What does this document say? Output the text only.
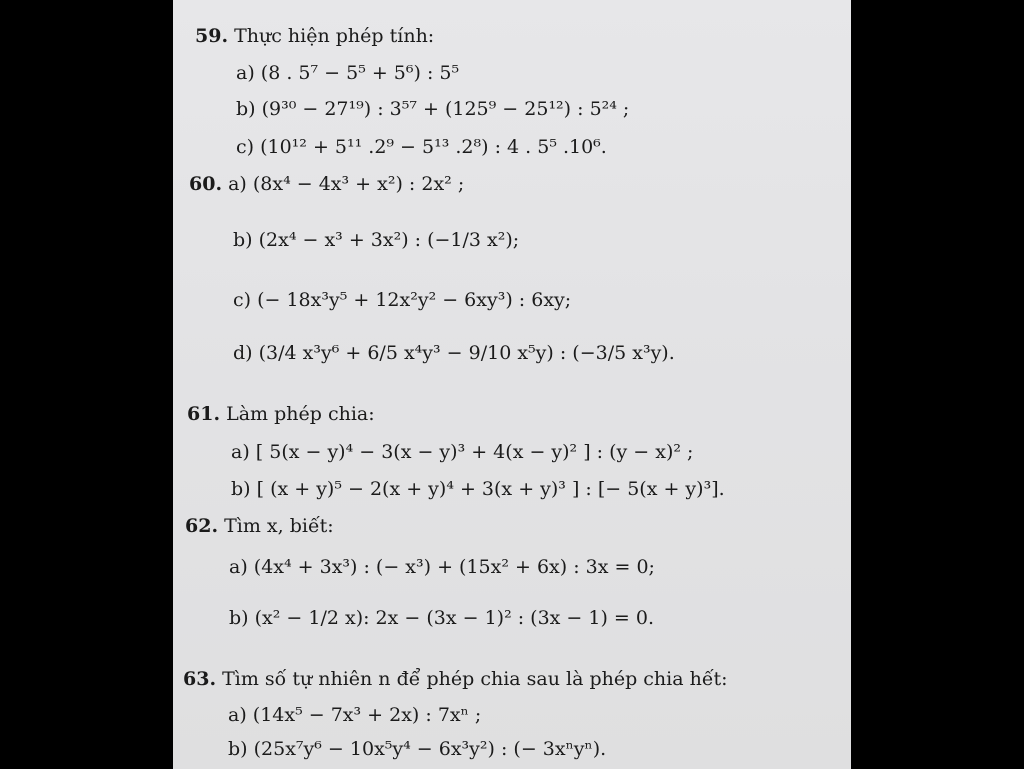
59. Thực hiện phép tính:
a) (8 . 5⁷ − 5⁵ + 5⁶) : 5⁵
b) (9³⁰ − 27¹⁹) : 3⁵⁷ + (125⁹ − 25¹²) : 5²⁴ ;
c) (10¹² + 5¹¹ .2⁹ − 5¹³ .2⁸) : 4 . 5⁵ .10⁶.
60. a) (8x⁴ − 4x³ + x²) : 2x² ;
b) (2x⁴ − x³ + 3x²) : (−1/3 x²);
c) (− 18x³y⁵ + 12x²y² − 6xy³) : 6xy;
d) (3/4 x³y⁶ + 6/5 x⁴y³ − 9/10 x⁵y) : (−3/5 x³y).
61. Làm phép chia:
a) [ 5(x − y)⁴ − 3(x − y)³ + 4(x − y)² ] : (y − x)² ;
b) [ (x + y)⁵ − 2(x + y)⁴ + 3(x + y)³ ] : [− 5(x + y)³].
62. Tìm x, biết:
a) (4x⁴ + 3x³) : (− x³) + (15x² + 6x) : 3x = 0;
b) (x² − 1/2 x): 2x − (3x − 1)² : (3x − 1) = 0.
63. Tìm số tự nhiên n để phép chia sau là phép chia hết:
a) (14x⁵ − 7x³ + 2x) : 7xⁿ ;
b) (25x⁷y⁶ − 10x⁵y⁴ − 6x³y²) : (− 3xⁿyⁿ).
